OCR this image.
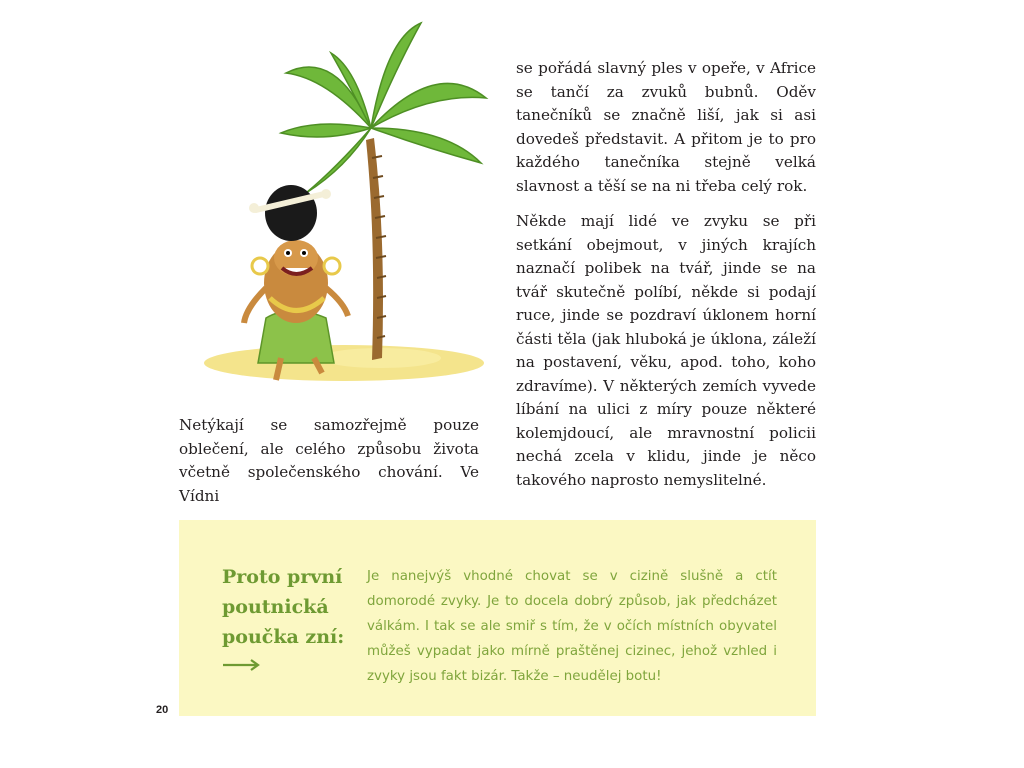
Netýkají se samozřejmě pouze oblečení, ale celého způsobu života včetně společenského chování. Ve Vídni

se pořádá slavný ples v opeře, v Africe se tančí za zvuků bubnů. Oděv tanečníků se značně liší, jak si asi dovedeš představit. A přitom je to pro každého tanečníka stejně velká slavnost a těší se na ni třeba celý rok.

Někde mají lidé ve zvyku se při setkání obejmout, v jiných krajích naznačí polibek na tvář, jinde se na tvář skutečně políbí, někde si podají ruce, jinde se pozdraví úklonem horní části těla (jak hluboká je úklona, záleží na postavení, věku, apod. toho, koho zdravíme). V některých zemích vyvede líbání na ulici z míry pouze některé kolemjdoucí, ale mravnostní policii nechá zcela v klidu, jinde je něco takového naprosto nemyslitelné.

Proto první poutnická poučka zní:

Je nanejvýš vhodné chovat se v cizině slušně a ctít domorodé zvyky. Je to docela dobrý způsob, jak předcházet válkám. I tak se ale smiř s tím, že v očích místních obyvatel můžeš vypadat jako mírně praštěnej cizinec, jehož vzhled i zvyky jsou fakt bizár. Takže – neudělej botu!

20
